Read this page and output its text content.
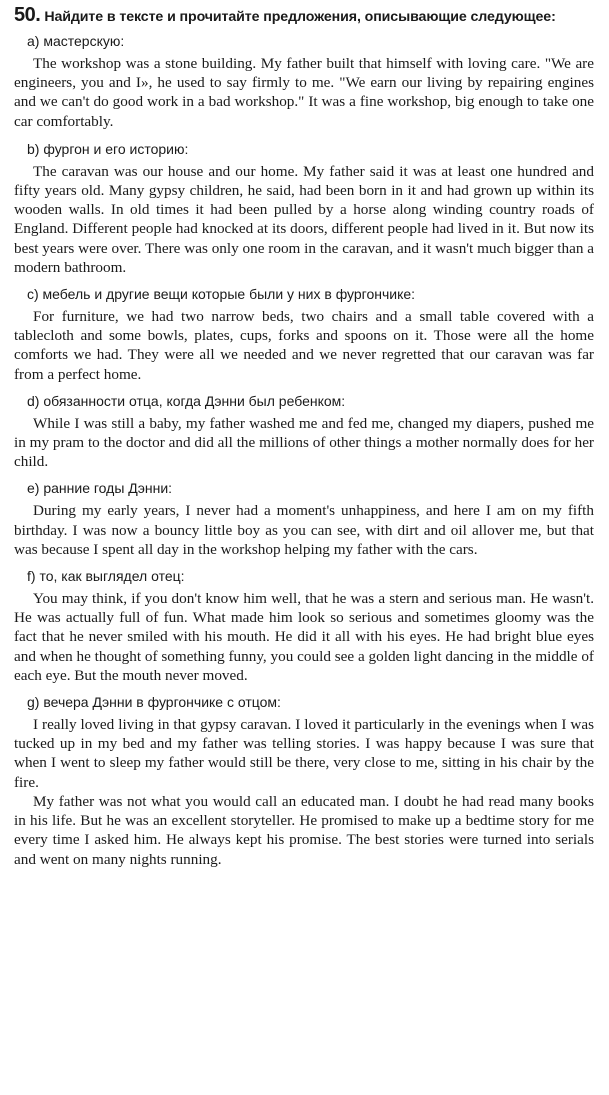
50. Найдите в тексте и прочитайте предложения, описывающие следующее:

а) мастерскую:

The workshop was a stone building. My father built that himself with loving care. "We are engineers, you and I», he used to say firmly to me. "We earn our living by repairing engines and we can't do good work in a bad workshop." It was a fine workshop, big enough to take one car comfortably.

b) фургон и его историю:

The caravan was our house and our home. My father said it was at least one hundred and fifty years old. Many gypsy children, he said, had been born in it and had grown up within its wooden walls. In old times it had been pulled by a horse along winding country roads of England. Different people had knocked at its doors, different people had lived in it. But now its best years were over. There was only one room in the caravan, and it wasn't much bigger than a modern bathroom.

c) мебель и другие вещи которые были у них в фургончике:

For furniture, we had two narrow beds, two chairs and a small table covered with a tablecloth and some bowls, plates, cups, forks and spoons on it. Those were all the home comforts we had. They were all we needed and we never regretted that our caravan was far from a perfect home.

d) обязанности отца, когда Дэнни был ребенком:

While I was still a baby, my father washed me and fed me, changed my diapers, pushed me in my pram to the doctor and did all the millions of other things a mother normally does for her child.

e) ранние годы Дэнни:

During my early years, I never had a moment's unhappiness, and here I am on my fifth birthday. I was now a bouncy little boy as you can see, with dirt and oil allover me, but that was because I spent all day in the workshop helping my father with the cars.

f) то, как выглядел отец:

You may think, if you don't know him well, that he was a stern and serious man. He wasn't. He was actually full of fun. What made him look so serious and sometimes gloomy was the fact that he never smiled with his mouth. He did it all with his eyes. He had bright blue eyes and when he thought of something funny, you could see a golden light dancing in the middle of each eye. But the mouth never moved.

g) вечера Дэнни в фургончике с отцом:

I really loved living in that gypsy caravan. I loved it particularly in the evenings when I was tucked up in my bed and my father was telling stories. I was happy because I was sure that when I went to sleep my father would still be there, very close to me, sitting in his chair by the fire.

My father was not what you would call an educated man. I doubt he had read many books in his life. But he was an excellent storyteller. He promised to make up a bedtime story for me every time I asked him. He always kept his promise. The best stories were turned into serials and went on many nights running.
